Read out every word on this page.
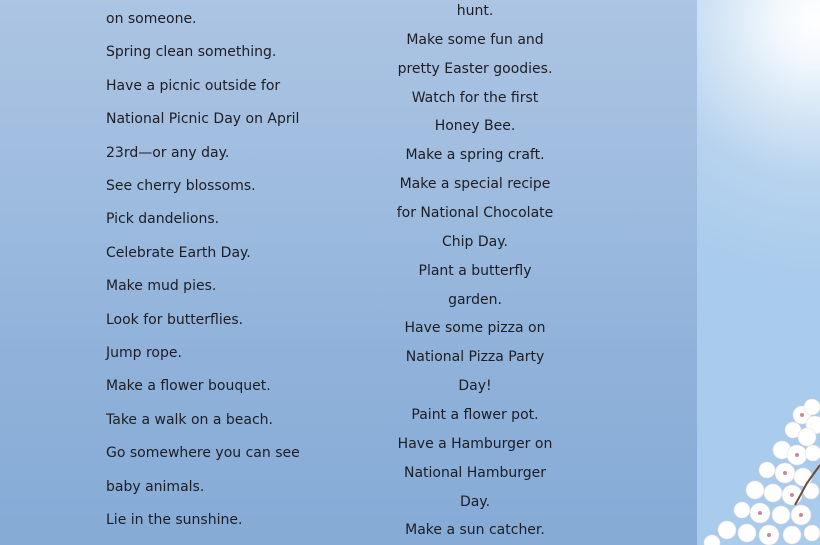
on someone.
Spring clean something.
Have a picnic outside for
National Picnic Day on April
23rd—or any day.
See cherry blossoms.
Pick dandelions.
Celebrate Earth Day.
Make mud pies.
Look for butterflies.
Jump rope.
Make a flower bouquet.
Take a walk on a beach.
Go somewhere you can see
baby animals.
Lie in the sunshine.
hunt.
Make some fun and
pretty Easter goodies.
Watch for the first
Honey Bee.
Make a spring craft.
Make a special recipe
for National Chocolate
Chip Day.
Plant a butterfly
garden.
Have some pizza on
National Pizza Party
Day!
Paint a flower pot.
Have a Hamburger on
National Hamburger
Day.
Make a sun catcher.
